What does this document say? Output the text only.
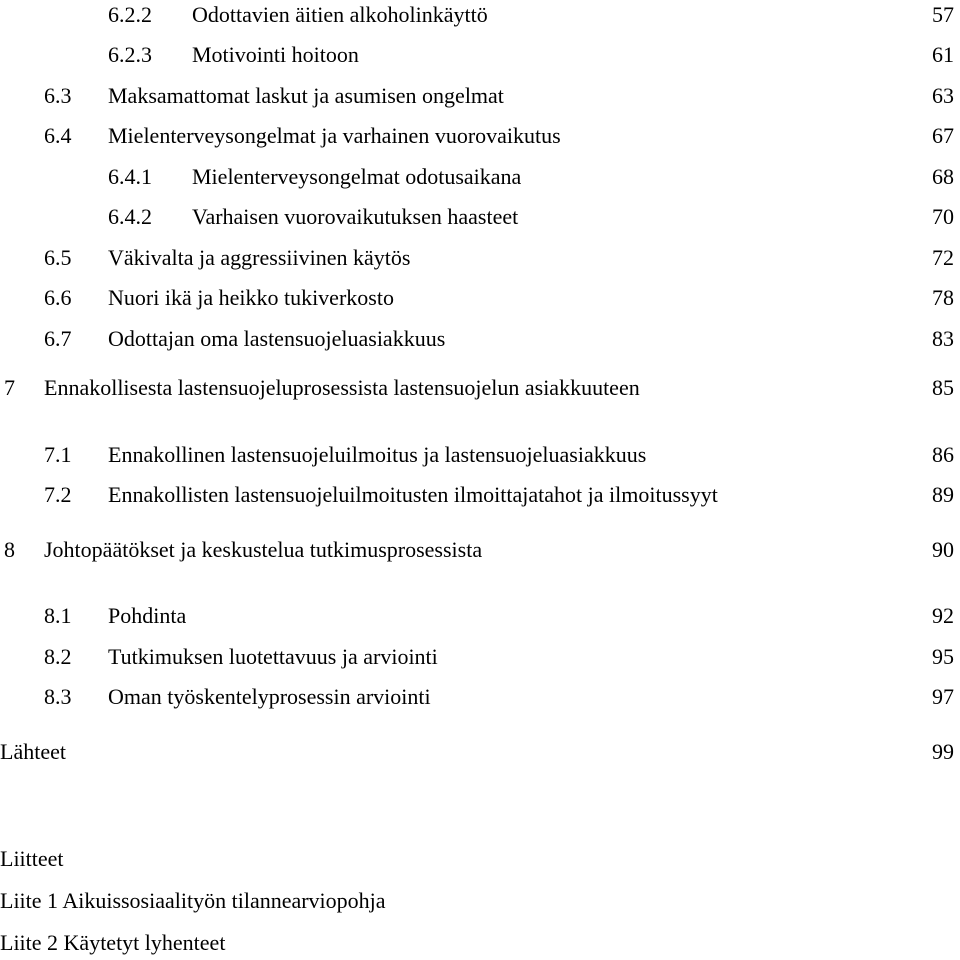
6.2.2 Odottavien äitien alkoholinkäyttö	57
6.2.3 Motivointi hoitoon	61
6.3 Maksamattomat laskut ja asumisen ongelmat	63
6.4 Mielenterveysongelmat ja varhainen vuorovaikutus	67
6.4.1 Mielenterveysongelmat odotusaikana	68
6.4.2 Varhaisen vuorovaikutuksen haasteet	70
6.5 Väkivalta ja aggressiivinen käytös	72
6.6 Nuori ikä ja heikko tukiverkosto	78
6.7 Odottajan oma lastensuojeluasiakkuus	83
7 Ennakollisesta lastensuojeluprosessista lastensuojelun asiakkuuteen	85
7.1 Ennakollinen lastensuojeluilmoitus ja lastensuojeluasiakkuus	86
7.2 Ennakollisten lastensuojeluilmoitusten ilmoittajatahot ja ilmoitussyyt	89
8 Johtopäätökset ja keskustelua tutkimusprosessista	90
8.1 Pohdinta	92
8.2 Tutkimuksen luotettavuus ja arviointi	95
8.3 Oman työskentelyprosessin arviointi	97
Lähteet	99
Liitteet
Liite 1 Aikuissosiaalityön tilannearviopohja
Liite 2 Käytetyt lyhenteet
